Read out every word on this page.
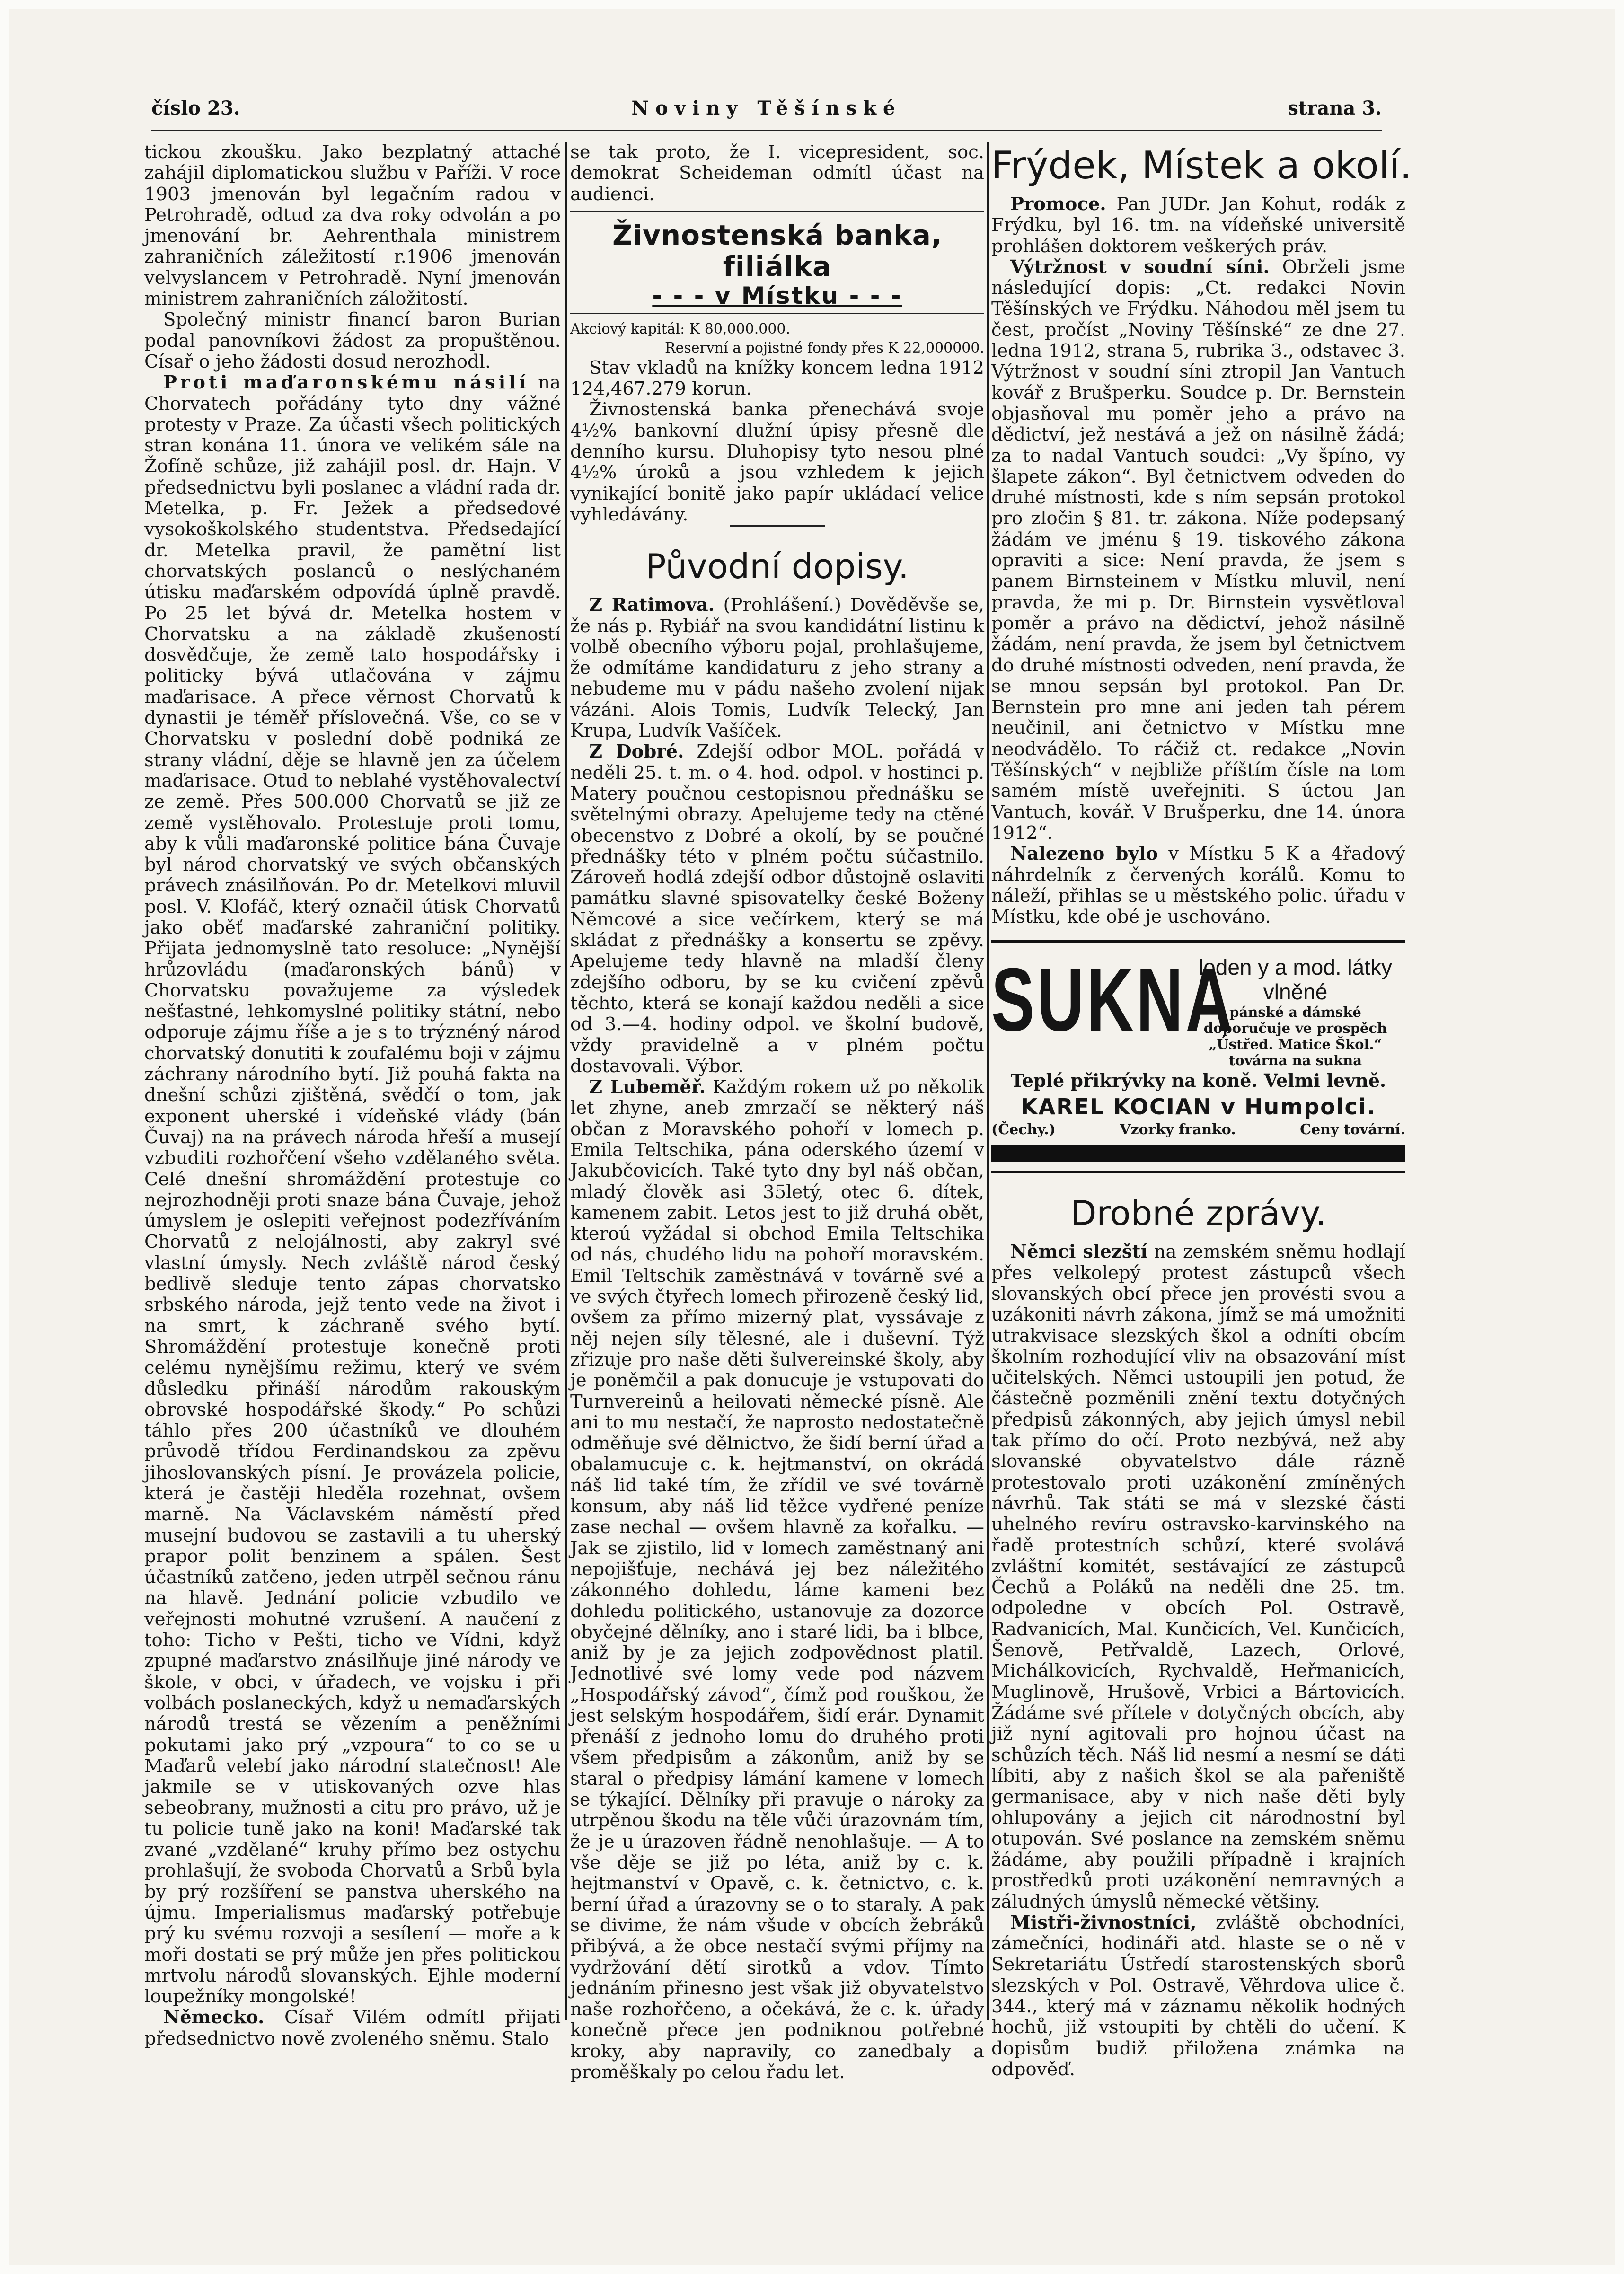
číslo 23.	Noviny Těšínské	strana 3.

tickou zkoušku. Jako bezplatný attaché zahájil diplomatickou službu v Paříži. V roce 1903 jmenován byl legačním radou v Petrohradě, odtud za dva roky odvolán a po jmenování br. Aehrenthala ministrem zahraničních záležitostí r.1906 jmenován velvyslancem v Petrohradě. Nyní jmenován ministrem zahraničních záložitostí.

Společný ministr financí baron Burian podal panovníkovi žádost za propuštěnou. Císař o jeho žádosti dosud nerozhodl.

Proti maďaronskému násilí na Chorvatech pořádány tyto dny vážné protesty v Praze. Za účasti všech politických stran konána 11. února ve velikém sále na Žofíně schůze, již zahájil posl. dr. Hajn. V předsednictvu byli poslanec a vládní rada dr. Metelka, p. Fr. Ježek a předsedové vysokoškolského studentstva. Předsedající dr. Metelka pravil, že pamětní list chorvatských poslanců o neslýchaném útisku maďarském odpovídá úplně pravdě. Po 25 let bývá dr. Metelka hostem v Chorvatsku a na základě zkušeností dosvědčuje, že země tato hospodářsky i politicky bývá utlačována v zájmu maďarisace. A přece věrnost Chorvatů k dynastii je téměř příslovečná. Vše, co se v Chorvatsku v poslední době podniká ze strany vládní, děje se hlavně jen za účelem maďarisace. Otud to neblahé vystěhovalectví ze země. Přes 500.000 Chorvatů se již ze země vystěhovalo. Protestuje proti tomu, aby k vůli maďaronské politice bána Čuvaje byl národ chorvatský ve svých občanských právech znásilňován. Po dr. Metelkovi mluvil posl. V. Klofáč, který označil útisk Chorvatů jako oběť maďarské zahraniční politiky. Přijata jednomyslně tato resoluce: „Nynější hrůzovládu (maďaronských bánů) v Chorvatsku považujeme za výsledek nešťastné, lehkomyslné politiky státní, nebo odporuje zájmu říše a je s to trýznéný národ chorvatský donutiti k zoufalému boji v zájmu záchrany národního bytí. Již pouhá fakta na dnešní schůzi zjištěná, svědčí o tom, jak exponent uherské i vídeňské vlády (bán Čuvaj) na na právech národa hřeší a musejí vzbuditi rozhořčení všeho vzdělaného světa. Celé dnešní shromáždění protestuje co nejrozhodněji proti snaze bána Čuvaje, jehož úmyslem je oslepiti veřejnost podezříváním Chorvatů z nelojálnosti, aby zakryl své vlastní úmysly. Nech zvláště národ český bedlivě sleduje tento zápas chorvatsko srbského národa, jejž tento vede na život i na smrt, k záchraně svého bytí. Shromáždění protestuje konečně proti celému nynějšímu režimu, který ve svém důsledku přináší národům rakouským obrovské hospodářské škody.“ Po schůzi táhlo přes 200 účastníků ve dlouhém průvodě třídou Ferdinandskou za zpěvu jihoslovanských písní. Je provázela policie, která je častěji hleděla rozehnat, ovšem marně. Na Václavském náměstí před musejní budovou se zastavili a tu uherský prapor polit benzinem a spálen. Šest účastníků zatčeno, jeden utrpěl sečnou ránu na hlavě. Jednání policie vzbudilo ve veřejnosti mohutné vzrušení. A naučení z toho: Ticho v Pešti, ticho ve Vídni, když zpupné maďarstvo znásilňuje jiné národy ve škole, v obci, v úřadech, ve vojsku i při volbách poslaneckých, když u nemaďarských národů trestá se vězením a peněžními pokutami jako prý „vzpoura“ to co se u Maďarů velebí jako národní statečnost! Ale jakmile se v utiskovaných ozve hlas sebeobrany, mužnosti a citu pro právo, už je tu policie tuně jako na koni! Maďarské tak zvané „vzdělané“ kruhy přímo bez ostychu prohlašují, že svoboda Chorvatů a Srbů byla by prý rozšíření se panstva uherského na újmu. Imperialismus maďarský potřebuje prý ku svému rozvoji a sesílení — moře a k moři dostati se prý může jen přes politickou mrtvolu národů slovanských. Ejhle moderní loupežníky mongolské!

Německo. Císař Vilém odmítl přijati předsednictvo nově zvoleného sněmu. Stalo

se tak proto, že I. vicepresident, soc. demokrat Scheideman odmítl účast na audienci.

Živnostenská banka, filiálka
- - - v Místku - - -
Akciový kapitál: K 80,000.000.
Reservní a pojistné fondy přes K 22,000000.

Stav vkladů na knížky koncem ledna 1912 124,467.279 korun.

Živnostenská banka přenechává svoje 4½% bankovní dlužní úpisy přesně dle denního kursu. Dluhopisy tyto nesou plné 4½% úroků a jsou vzhledem k jejich vynikající bonitě jako papír ukládací velice vyhledávány.

Původní dopisy.

Z Ratimova. (Prohlášení.) Dověděvše se, že nás p. Rybiář na svou kandidátní listinu k volbě obecního výboru pojal, prohlašujeme, že odmítáme kandidaturu z jeho strany a nebudeme mu v pádu našeho zvolení nijak vázáni. Alois Tomis, Ludvík Telecký, Jan Krupa, Ludvík Vašíček.

Z Dobré. Zdejší odbor MOL. pořádá v neděli 25. t. m. o 4. hod. odpol. v hostinci p. Matery poučnou cestopisnou přednášku se světelnými obrazy. Apelujeme tedy na ctěné obecenstvo z Dobré a okolí, by se poučné přednášky této v plném počtu súčastnilo. Zároveň hodlá zdejší odbor důstojně oslaviti památku slavné spisovatelky české Boženy Němcové a sice večírkem, který se má skládat z přednášky a konsertu se zpěvy. Apelujeme tedy hlavně na mladší členy zdejšího odboru, by se ku cvičení zpěvů těchto, která se konají každou neděli a sice od 3.—4. hodiny odpol. ve školní budově, vždy pravidelně a v plném počtu dostavovali. Výbor.

Z Lubeměř. Každým rokem už po několik let zhyne, aneb zmrzačí se některý náš občan z Moravského pohoří v lomech p. Emila Teltschika, pána oderského území v Jakubčovicích. Také tyto dny byl náš občan, mladý člověk asi 35letý, otec 6. dítek, kamenem zabit. Letos jest to již druhá obět, kteroú vyžádal si obchod Emila Teltschika od nás, chudého lidu na pohoří moravském. Emil Teltschik zaměstnává v továrně své a ve svých čtyřech lomech přirozeně český lid, ovšem za přímo mizerný plat, vyssávaje z něj nejen síly tělesné, ale i duševní. Týž zřizuje pro naše děti šulvereinské školy, aby je poněmčil a pak donucuje je vstupovati do Turnvereinů a heilovati německé písně. Ale ani to mu nestačí, že naprosto nedostatečně odměňuje své dělnictvo, že šidí berní úřad a obalamucuje c. k. hejtmanství, on okrádá náš lid také tím, že zřídil ve své továrně konsum, aby náš lid těžce vydřené peníze zase nechal — ovšem hlavně za kořalku. — Jak se zjistilo, lid v lomech zaměstnaný ani nepojišťuje, nechává jej bez náležitého zákonného dohledu, láme kameni bez dohledu politického, ustanovuje za dozorce obyčejné dělníky, ano i staré lidi, ba i blbce, aniž by je za jejich zodpovědnost platil. Jednotlivé své lomy vede pod názvem „Hospodářský závod“, čímž pod rouškou, že jest selským hospodářem, šidí erár. Dynamit přenáší z jednoho lomu do druhého proti všem předpisům a zákonům, aniž by se staral o předpisy lámání kamene v lomech se týkající. Dělníky při pravuje o nároky za utrpěnou škodu na těle vůči úrazovnám tím, že je u úrazoven řádně nenohlašuje. — A to vše děje se již po léta, aniž by c. k. hejtmanství v Opavě, c. k. četnictvo, c. k. berní úřad a úrazovny se o to staraly. A pak se divime, že nám všude v obcích žebráků přibývá, a že obce nestačí svými příjmy na vydržování dětí sirotků a vdov. Tímto jednáním přinesno jest však již obyvatelstvo naše rozhořčeno, a očekává, že c. k. úřady konečně přece jen podniknou potřebné kroky, aby napravily, co zanedbaly a proměškaly po celou řadu let.

Frýdek, Místek a okolí.

Promoce. Pan JUDr. Jan Kohut, rodák z Frýdku, byl 16. tm. na vídeňské universitě prohlášen doktorem veškerých práv.

Výtržnost v soudní síni. Obrželi jsme následující dopis: „Ct. redakci Novin Těšínských ve Frýdku. Náhodou měl jsem tu čest, pročíst „Noviny Těšínské“ ze dne 27. ledna 1912, strana 5, rubrika 3., odstavec 3. Výtržnost v soudní síni ztropil Jan Vantuch kovář z Brušperku. Soudce p. Dr. Bernstein objasňoval mu poměr jeho a právo na dědictví, jež nestává a jež on násilně žádá; za to nadal Vantuch soudci: „Vy špíno, vy šlapete zákon“. Byl četnictvem odveden do druhé místnosti, kde s ním sepsán protokol pro zločin § 81. tr. zákona. Níže podepsaný žádám ve jménu § 19. tiskového zákona opraviti a sice: Není pravda, že jsem s panem Birnsteinem v Místku mluvil, není pravda, že mi p. Dr. Birnstein vysvětloval poměr a právo na dědictví, jehož násilně žádám, není pravda, že jsem byl četnictvem do druhé místnosti odveden, není pravda, že se mnou sepsán byl protokol. Pan Dr. Bernstein pro mne ani jeden tah pérem neučinil, ani četnictvo v Místku mne neodvádělo. To ráčiž ct. redakce „Novin Těšínských“ v nejbliže příštím čísle na tom samém místě uveřejniti. S úctou Jan Vantuch, kovář. V Brušperku, dne 14. února 1912“.

Nalezeno bylo v Místku 5 K a 4řadový náhrdelník z červených korálů. Komu to náleží, přihlas se u městského polic. úřadu v Místku, kde obé je uschováno.

SUKNA
loden y a mod. látky vlněné
pánské a dámské doporučuje ve prospěch „Ústřed. Matice Škol.“ továrna na sukna
Teplé přikrývky na koně. Velmi levně.
KAREL KOCIAN v Humpolci.
(Čechy.)	Vzorky franko.	Ceny tovární.
Drobné zprávy.

Němci slezští na zemském sněmu hodlají přes velkolepý protest zástupců všech slovanských obcí přece jen provésti svou a uzákoniti návrh zákona, jímž se má umožniti utrakvisace slezských škol a odníti obcím školním rozhodující vliv na obsazování míst učitelských. Němci ustoupili jen potud, že částečně pozměnili znění textu dotyčných předpisů zákonných, aby jejich úmysl nebil tak přímo do očí. Proto nezbývá, než aby slovanské obyvatelstvo dále rázně protestovalo proti uzákonění zmíněných návrhů. Tak státi se má v slezské části uhelného revíru ostravsko-karvinského na řadě protestních schůzí, které svolává zvláštní komitét, sestávající ze zástupců Čechů a Poláků na neděli dne 25. tm. odpoledne v obcích Pol. Ostravě, Radvanicích, Mal. Kunčicích, Vel. Kunčicích, Šenově, Petřvaldě, Lazech, Orlové, Michálkovicích, Rychvaldě, Heřmanicích, Muglinově, Hrušově, Vrbici a Bártovicích. Žádáme své přítele v dotyčných obcích, aby již nyní agitovali pro hojnou účast na schůzích těch. Náš lid nesmí a nesmí se dáti líbiti, aby z našich škol se ala pařeniště germanisace, aby v nich naše děti byly ohlupovány a jejich cit národnostní byl otupován. Své poslance na zemském sněmu žádáme, aby použili případně i krajních prostředků proti uzákonění nemravných a záludných úmyslů německé většiny.

Mistři-živnostníci, zvláště obchodníci, zámečníci, hodináři atd. hlaste se o ně v Sekretariátu Ústředí starostenských sborů slezských v Pol. Ostravě, Věhrdova ulice č. 344., který má v záznamu několik hodných hochů, již vstoupiti by chtěli do učení. K dopisům budiž přiložena známka na odpověď.
